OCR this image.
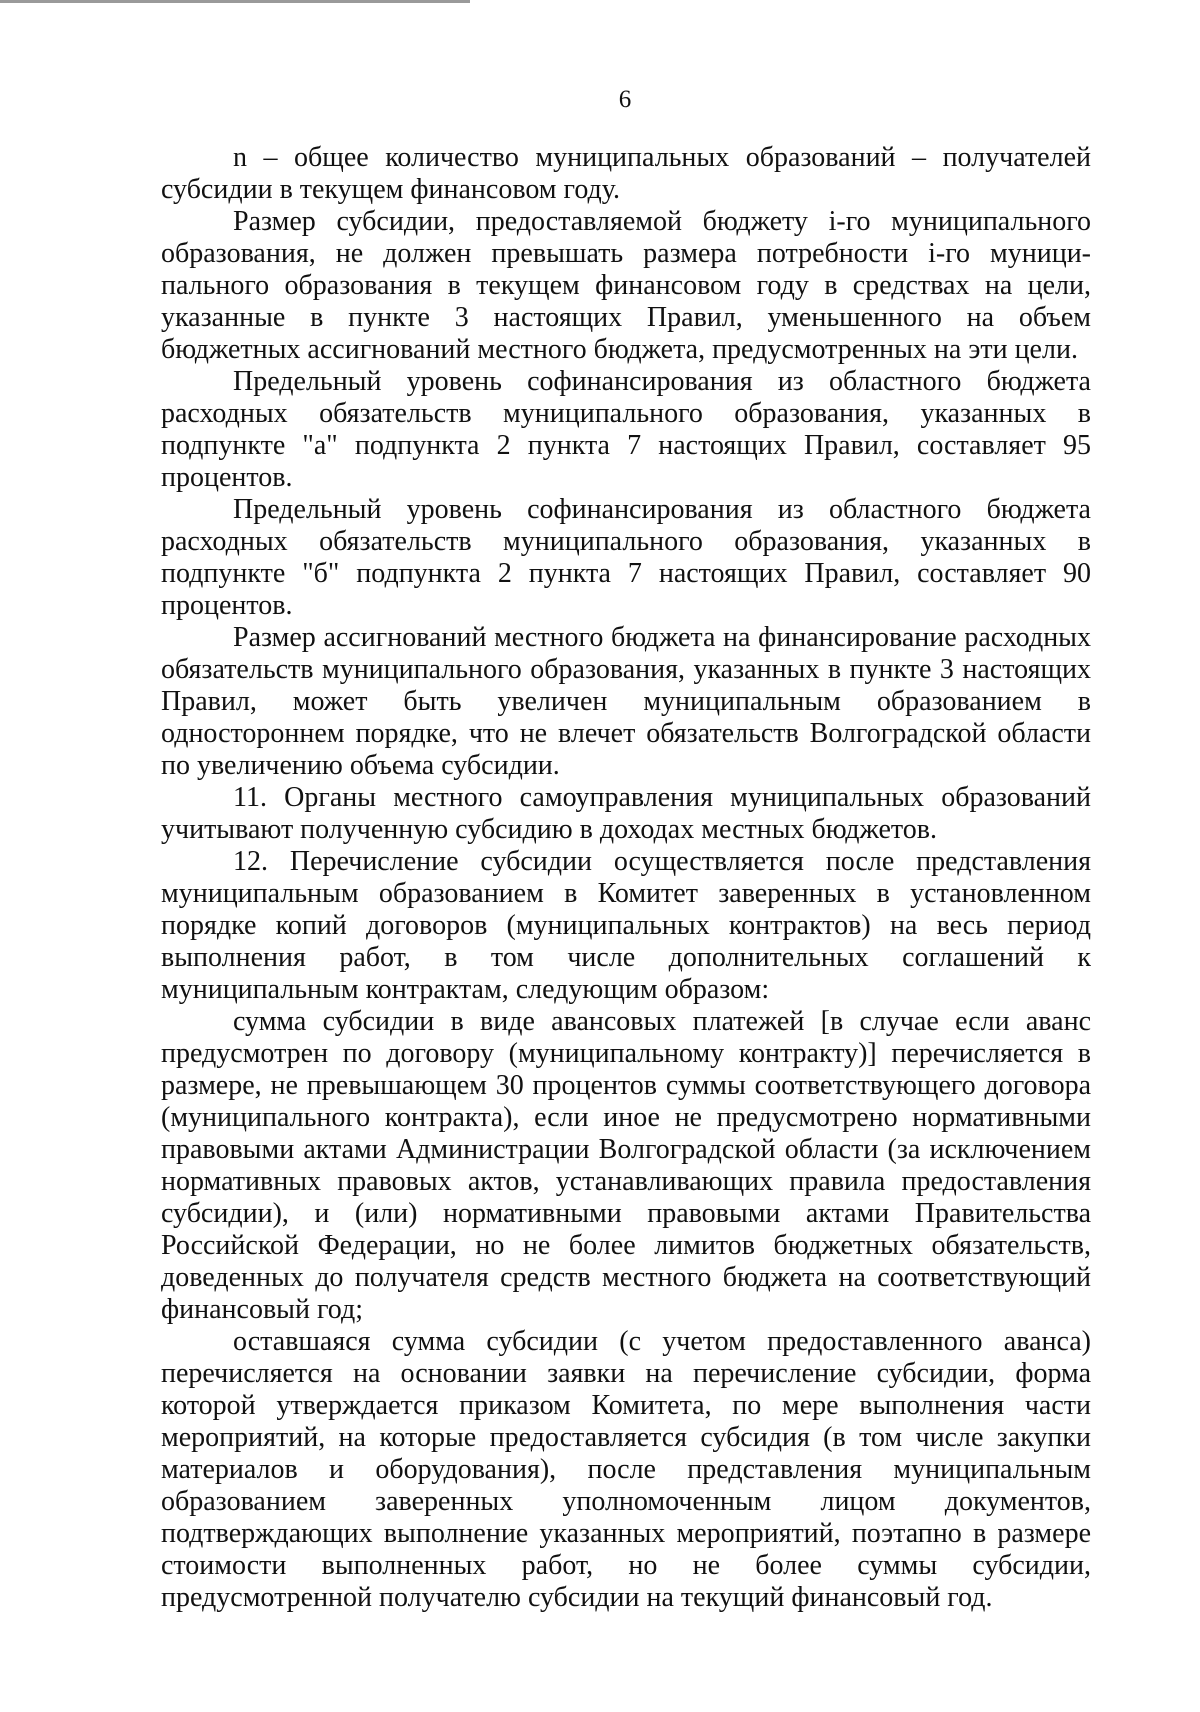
6

n – общее количество муниципальных образований – получателей субсидии в текущем финансовом году.

Размер субсидии, предоставляемой бюджету i-го муниципального образования, не должен превышать размера потребности i-го муници-пального образования в текущем финансовом году в средствах на цели, указанные в пункте 3 настоящих Правил, уменьшенного на объем бюджетных ассигнований местного бюджета, предусмотренных на эти цели.

Предельный уровень софинансирования из областного бюджета расходных обязательств муниципального образования, указанных в подпункте "а" подпункта 2 пункта 7 настоящих Правил, составляет 95 процентов.

Предельный уровень софинансирования из областного бюджета расходных обязательств муниципального образования, указанных в подпункте "б" подпункта 2 пункта 7 настоящих Правил, составляет 90 процентов.

Размер ассигнований местного бюджета на финансирование расходных обязательств муниципального образования, указанных в пункте 3 настоящих Правил, может быть увеличен муниципальным образованием в одностороннем порядке, что не влечет обязательств Волгоградской области по увеличению объема субсидии.

11. Органы местного самоуправления муниципальных образований учитывают полученную субсидию в доходах местных бюджетов.

12. Перечисление субсидии осуществляется после представления муниципальным образованием в Комитет заверенных в установленном порядке копий договоров (муниципальных контрактов) на весь период выполнения работ, в том числе дополнительных соглашений к муниципальным контрактам, следующим образом:

сумма субсидии в виде авансовых платежей [в случае если аванс предусмотрен по договору (муниципальному контракту)] перечисляется в размере, не превышающем 30 процентов суммы соответствующего договора (муниципального контракта), если иное не предусмотрено нормативными правовыми актами Администрации Волгоградской области (за исключением нормативных правовых актов, устанавливающих правила предоставления субсидии), и (или) нормативными правовыми актами Правительства Российской Федерации, но не более лимитов бюджетных обязательств, доведенных до получателя средств местного бюджета на соответствующий финансовый год;

оставшаяся сумма субсидии (с учетом предоставленного аванса) перечисляется на основании заявки на перечисление субсидии, форма которой утверждается приказом Комитета, по мере выполнения части мероприятий, на которые предоставляется субсидия (в том числе закупки материалов и оборудования), после представления муниципальным образованием заверенных уполномоченным лицом документов, подтверждающих выполнение указанных мероприятий, поэтапно в размере стоимости выполненных работ, но не более суммы субсидии, предусмотренной получателю субсидии на текущий финансовый год.
